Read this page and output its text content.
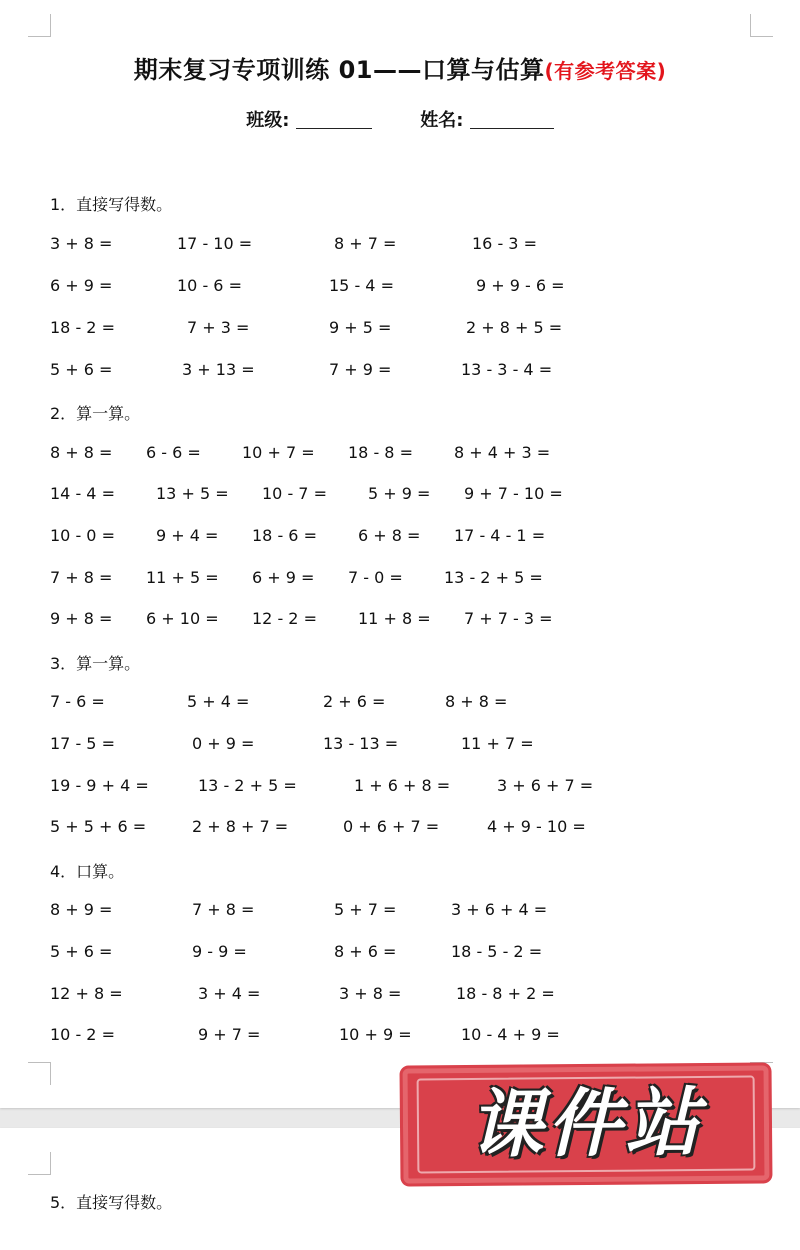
期末复习专项训练 01——口算与估算(有参考答案)
班级:	姓名:
1．直接写得数。
3 + 8 =	17 - 10 =	8 + 7 =	16 - 3 =
6 + 9 =	10 - 6 =	15 - 4 =	9 + 9 - 6 =
18 - 2 =	7 + 3 =	9 + 5 =	2 + 8 + 5 =
5 + 6 =	3 + 13 =	7 + 9 =	13 - 3 - 4 =
2．算一算。
8 + 8 = 6 - 6 =	10 + 7 = 18 - 8 =	8 + 4 + 3 =
14 - 4 =	13 + 5 = 10 - 7 =	5 + 9 = 9 + 7 - 10 =
10 - 0 =	9 + 4 = 18 - 6 =	6 + 8 = 17 - 4 - 1 =
7 + 8 = 11 + 5 = 6 + 9 = 7 - 0 =	13 - 2 + 5 =
9 + 8 = 6 + 10 = 12 - 2 =	11 + 8 = 7 + 7 - 3 =
3．算一算。
7 - 6 =	5 + 4 =	2 + 6 =	8 + 8 =
17 - 5 =	0 + 9 =	13 - 13 =	11 + 7 =
19 - 9 + 4 =	13 - 2 + 5 =	1 + 6 + 8 =	3 + 6 + 7 =
5 + 5 + 6 =	2 + 8 + 7 =	0 + 6 + 7 =	4 + 9 - 10 =
4．口算。
8 + 9 =	7 + 8 =	5 + 7 =	3 + 6 + 4 =
5 + 6 =	9 - 9 =	8 + 6 =	18 - 5 - 2 =
12 + 8 =	3 + 4 =	3 + 8 =	18 - 8 + 2 =
10 - 2 =	9 + 7 =	10 + 9 =	10 - 4 + 9 =
5．直接写得数。
课件站
